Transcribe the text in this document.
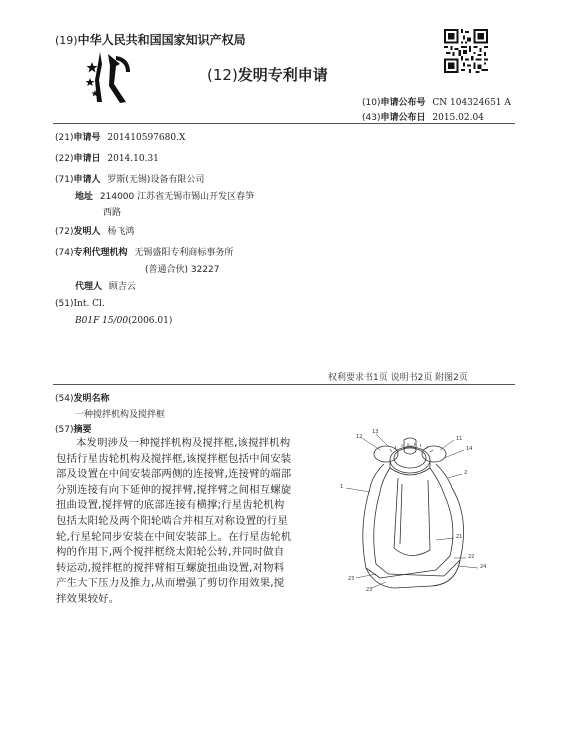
(19)中华人民共和国国家知识产权局
(12)发明专利申请
(10)申请公布号 CN 104324651 A
(43)申请公布日 2015.02.04
(21)申请号 201410597680.X
(22)申请日 2014.10.31
(71)申请人 罗斯(无锡)设备有限公司
地址 214000 江苏省无锡市锡山开发区春笋
西路
(72)发明人 杨飞鸿
(74)专利代理机构 无锡盛阳专利商标事务所
(普通合伙) 32227
代理人 顾吉云
(51)Int. Cl.
B01F 15/00(2006.01)
权利要求书1页 说明书2页 附图2页
(54)发明名称
一种搅拌机构及搅拌框
(57)摘要
本发明涉及一种搅拌机构及搅拌框,该搅拌机构包括行星齿轮机构及搅拌框,该搅拌框包括中间安装部及设置在中间安装部两侧的连接臂,连接臂的端部分别连接有向下延伸的搅拌臂,搅拌臂之间相互螺旋扭曲设置,搅拌臂的底部连接有横撑;行星齿轮机构包括太阳轮及两个阳轮啮合并相互对称设置的行星轮,行星轮同步安装在中间安装部上。在行星齿轮机构的作用下,两个搅拌框绕太阳轮公转,并同时做自转运动,搅拌框的搅拌臂相互螺旋扭曲设置,对物料产生大下压力及推力,从而增强了剪切作用效果,搅拌效果较好。
12
13
11
14
2
1
21
22
23
23
24
